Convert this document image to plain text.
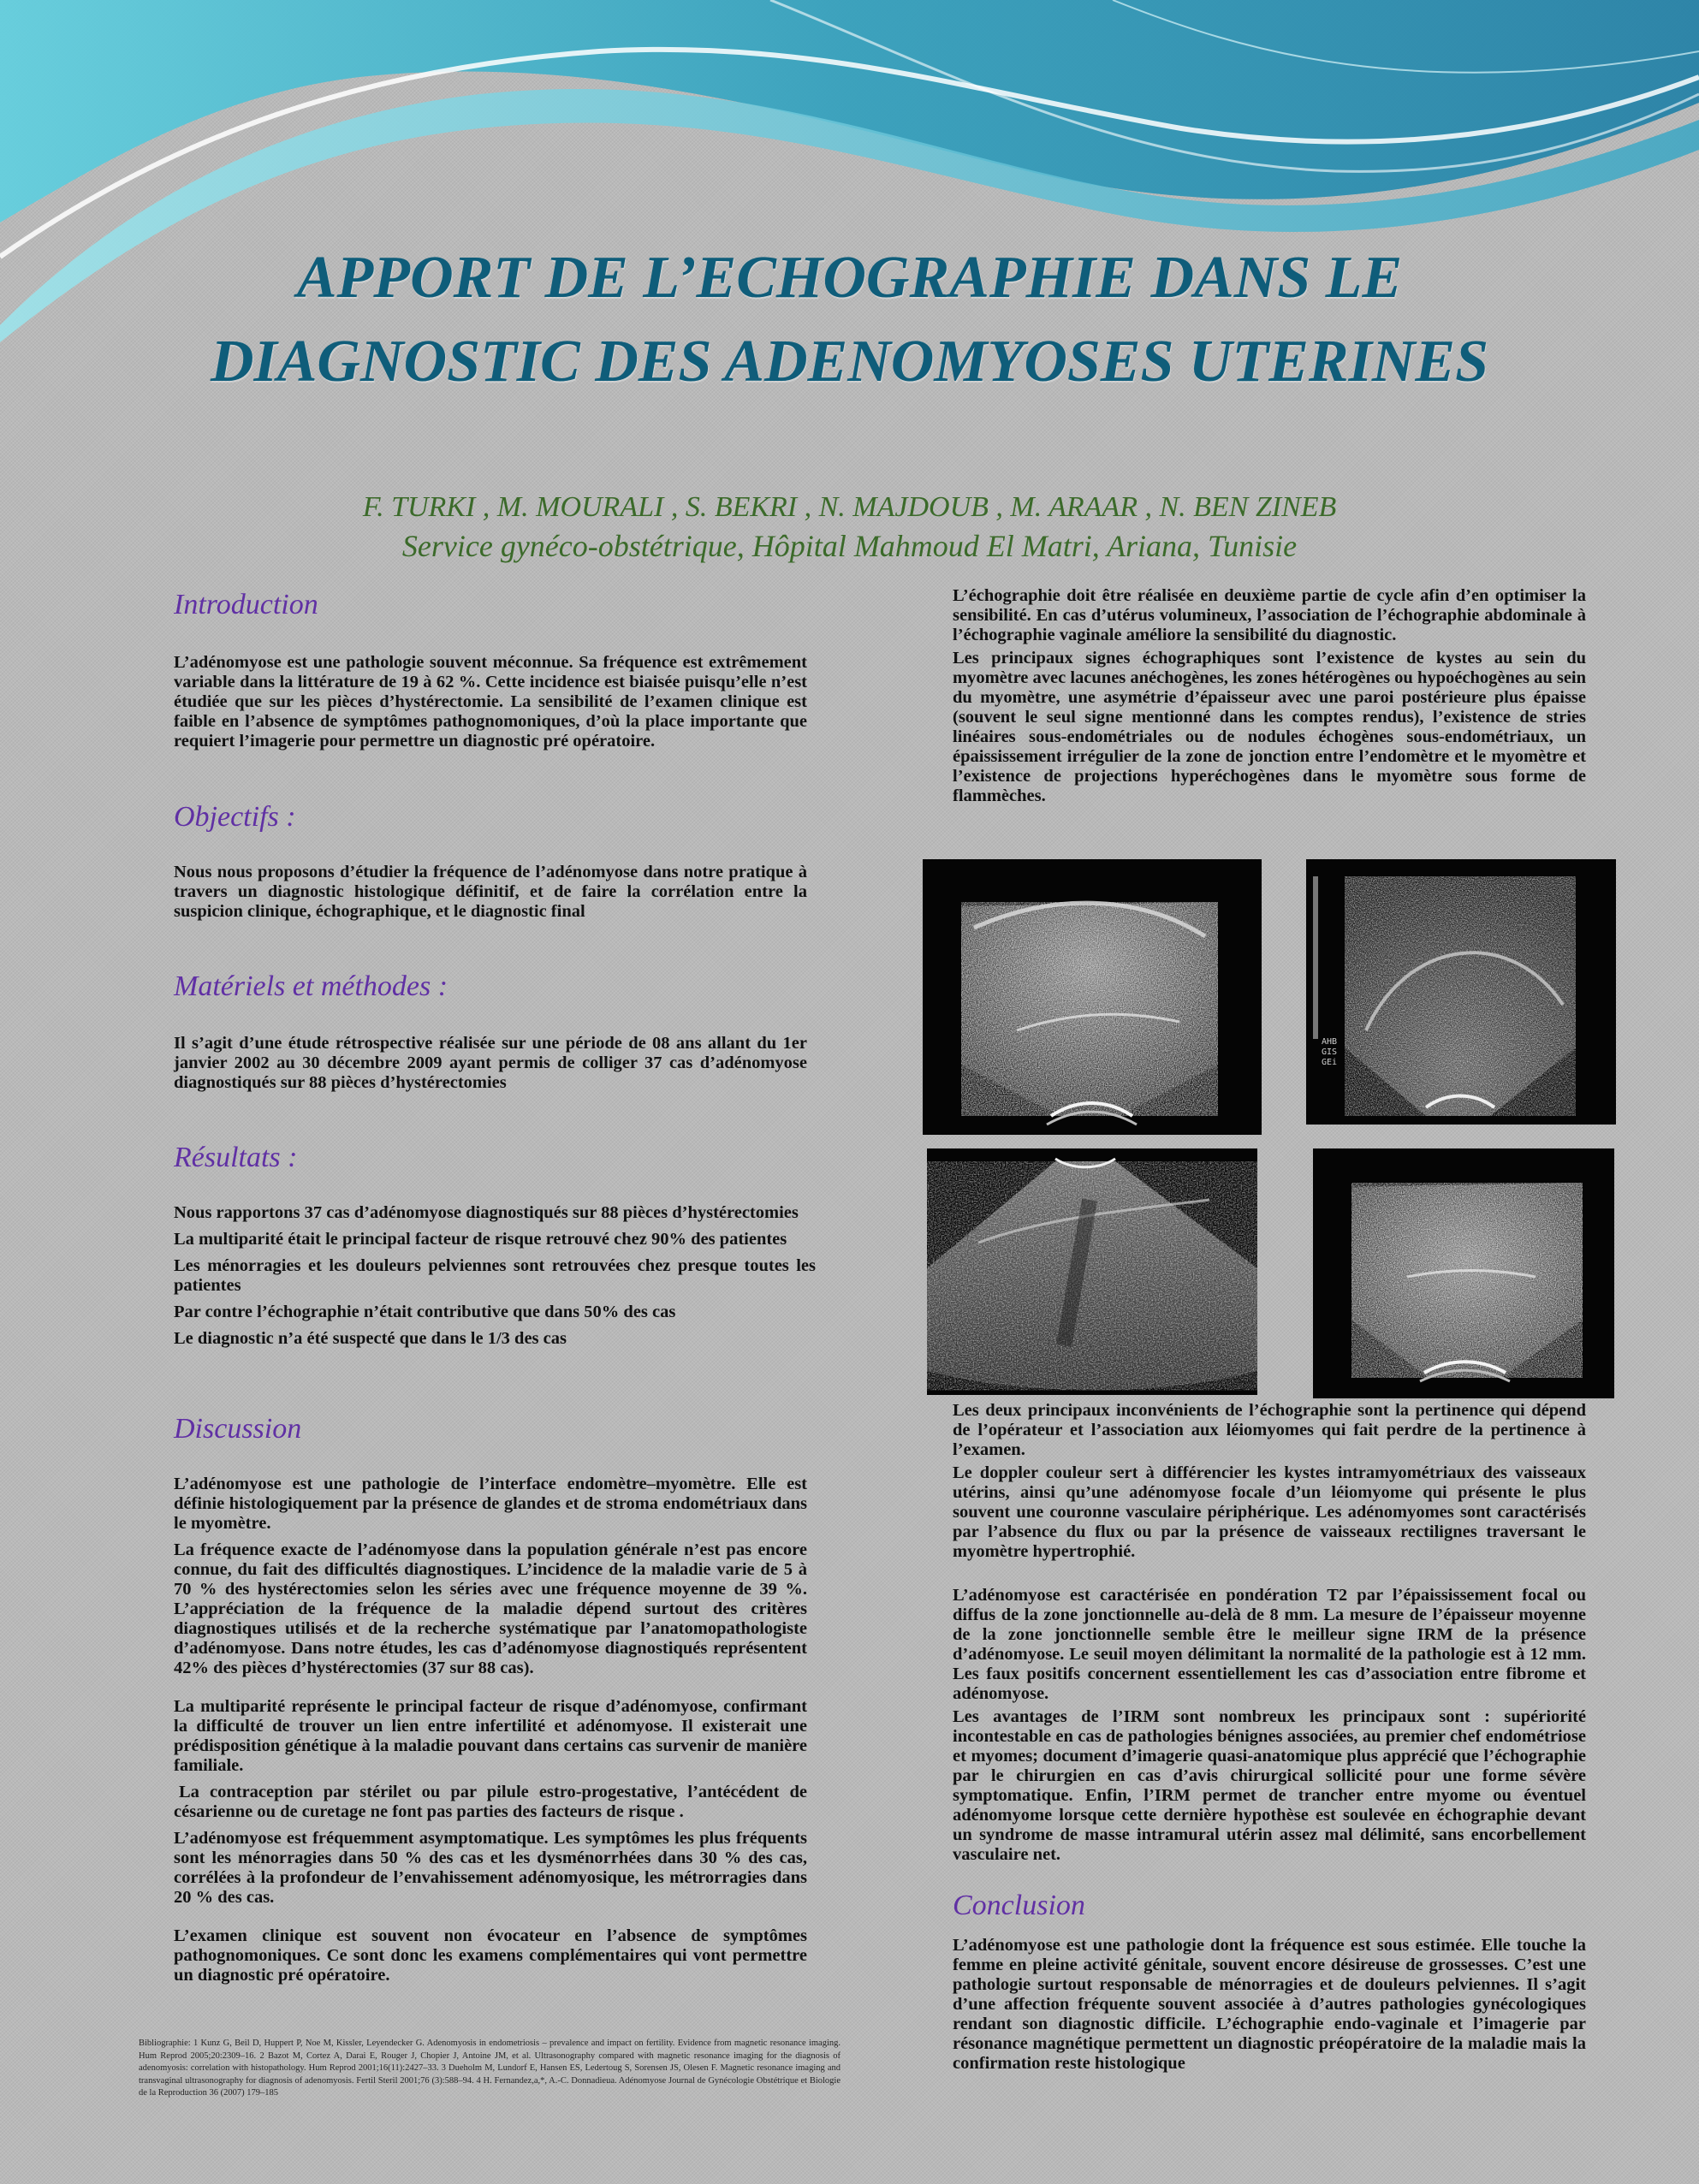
APPORT DE L’ECHOGRAPHIE DANS LE
DIAGNOSTIC DES ADENOMYOSES UTERINES
F. TURKI , M. MOURALI , S. BEKRI , N. MAJDOUB , M. ARAAR , N. BEN ZINEB
Service gynéco-obstétrique, Hôpital Mahmoud El Matri, Ariana, Tunisie
Introduction
L’adénomyose est une pathologie souvent méconnue. Sa fréquence est extrêmement variable dans la littérature de 19 à 62 %. Cette incidence est biaisée puisqu’elle n’est étudiée que sur les pièces d’hystérectomie. La sensibilité de l’examen clinique est faible en l’absence de symptômes pathognomoniques, d’où la place importante que requiert l’imagerie pour permettre un diagnostic pré opératoire.
Objectifs :
Nous nous proposons d’étudier la fréquence de l’adénomyose dans notre pratique à travers un diagnostic histologique définitif, et de faire la corrélation entre la suspicion clinique, échographique, et le diagnostic final
Matériels et méthodes :
Il s’agit d’une étude rétrospective réalisée sur une période de 08 ans allant du 1er janvier 2002 au 30 décembre 2009 ayant permis de colliger 37 cas d’adénomyose diagnostiqués sur 88 pièces d’hystérectomies
Résultats :

Nous rapportons 37 cas d’adénomyose diagnostiqués sur 88 pièces d’hystérectomies

La multiparité était le principal facteur de risque retrouvé chez 90% des patientes

Les ménorragies et les douleurs pelviennes sont retrouvées chez presque toutes les patientes

Par contre l’échographie n’était contributive que dans 50% des cas

Le diagnostic n’a été suspecté que dans le 1/3 des cas

Discussion

L’adénomyose est une pathologie de l’interface endomètre–myomètre. Elle est définie histologiquement par la présence de glandes et de stroma endométriaux dans le myomètre.

La fréquence exacte de l’adénomyose dans la population générale n’est pas encore connue, du fait des difficultés diagnostiques. L’incidence de la maladie varie de 5 à 70 % des hystérectomies selon les séries avec une fréquence moyenne de 39 %. L’appréciation de la fréquence de la maladie dépend surtout des critères diagnostiques utilisés et de la recherche systématique par l’anatomopathologiste d’adénomyose. Dans notre études, les cas d’adénomyose diagnostiqués représentent 42% des pièces d’hystérectomies (37 sur 88 cas).

La multiparité représente le principal facteur de risque d’adénomyose, confirmant la difficulté de trouver un lien entre infertilité et adénomyose. Il existerait une prédisposition génétique à la maladie pouvant dans certains cas survenir de manière familiale.

La contraception par stérilet ou par pilule estro-progestative, l’antécédent de césarienne ou de curetage ne font pas parties des facteurs de risque .

L’adénomyose est fréquemment asymptomatique. Les symptômes les plus fréquents sont les ménorragies dans 50 % des cas et les dysménorrhées dans 30 % des cas, corrélées à la profondeur de l’envahissement adénomyosique, les métrorragies dans 20 % des cas.

L’examen clinique est souvent non évocateur en l’absence de symptômes pathognomoniques. Ce sont donc les examens complémentaires qui vont permettre un diagnostic pré opératoire.

Bibliographie: 1 Kunz G, Beil D, Huppert P, Noe M, Kissler, Leyendecker G. Adenomyosis in endometriosis – prevalence and impact on fertility. Evidence from magnetic resonance imaging. Hum Reprod 2005;20:2309–16. 2 Bazot M, Cortez A, Darai E, Rouger J, Chopier J, Antoine JM, et al. Ultrasonography compared with magnetic resonance imaging for the diagnosis of adenomyosis: correlation with histopathology. Hum Reprod 2001;16(11):2427–33. 3 Dueholm M, Lundorf E, Hansen ES, Ledertoug S, Sorensen JS, Olesen F. Magnetic resonance imaging and transvaginal ultrasonography for diagnosis of adenomyosis. Fertil Steril 2001;76 (3):588–94. 4 H. Fernandez,a,*, A.-C. Donnadieua. Adénomyose Journal de Gynécologie Obstétrique et Biologie de la Reproduction 36 (2007) 179–185

L’échographie doit être réalisée en deuxième partie de cycle afin d’en optimiser la sensibilité. En cas d’utérus volumineux, l’association de l’échographie abdominale à l’échographie vaginale améliore la sensibilité du diagnostic.

Les principaux signes échographiques sont l’existence de kystes au sein du myomètre avec lacunes anéchogènes, les zones hétérogènes ou hypoéchogènes au sein du myomètre, une asymétrie d’épaisseur avec une paroi postérieure plus épaisse (souvent le seul signe mentionné dans les comptes rendus), l’existence de stries linéaires sous-endométriales ou de nodules échogènes sous-endométriaux, un épaississement irrégulier de la zone de jonction entre l’endomètre et le myomètre et l’existence de projections hyperéchogènes dans le myomètre sous forme de flammèches.

AHB
GIS
GEi

Les deux principaux inconvénients de l’échographie sont la pertinence qui dépend de l’opérateur et l’association aux léiomyomes qui fait perdre de la pertinence à l’examen.

Le doppler couleur sert à différencier les kystes intramyométriaux des vaisseaux utérins, ainsi qu’une adénomyose focale d’un léiomyome qui présente le plus souvent une couronne vasculaire périphérique. Les adénomyomes sont caractérisés par l’absence du flux ou par la présence de vaisseaux rectilignes traversant le myomètre hypertrophié.

L’adénomyose est caractérisée en pondération T2 par l’épaississement focal ou diffus de la zone jonctionnelle au-delà de 8 mm. La mesure de l’épaisseur moyenne de la zone jonctionnelle semble être le meilleur signe IRM de la présence d’adénomyose. Le seuil moyen délimitant la normalité de la pathologie est à 12 mm. Les faux positifs concernent essentiellement les cas d’association entre fibrome et adénomyose.

Les avantages de l’IRM sont nombreux les principaux sont : supériorité incontestable en cas de pathologies bénignes associées, au premier chef endométriose et myomes; document d’imagerie quasi-anatomique plus apprécié que l’échographie par le chirurgien en cas d’avis chirurgical sollicité pour une forme sévère symptomatique. Enfin, l’IRM permet de trancher entre myome ou éventuel adénomyome lorsque cette dernière hypothèse est soulevée en échographie devant un syndrome de masse intramural utérin assez mal délimité, sans encorbellement vasculaire net.

Conclusion
L’adénomyose est une pathologie dont la fréquence est sous estimée. Elle touche la femme en pleine activité génitale, souvent encore désireuse de grossesses. C’est une pathologie surtout responsable de ménorragies et de douleurs pelviennes. Il s’agit d’une affection fréquente souvent associée à d’autres pathologies gynécologiques rendant son diagnostic difficile. L’échographie endo-vaginale et l’imagerie par résonance magnétique permettent un diagnostic préopératoire de la maladie mais la confirmation reste histologique
